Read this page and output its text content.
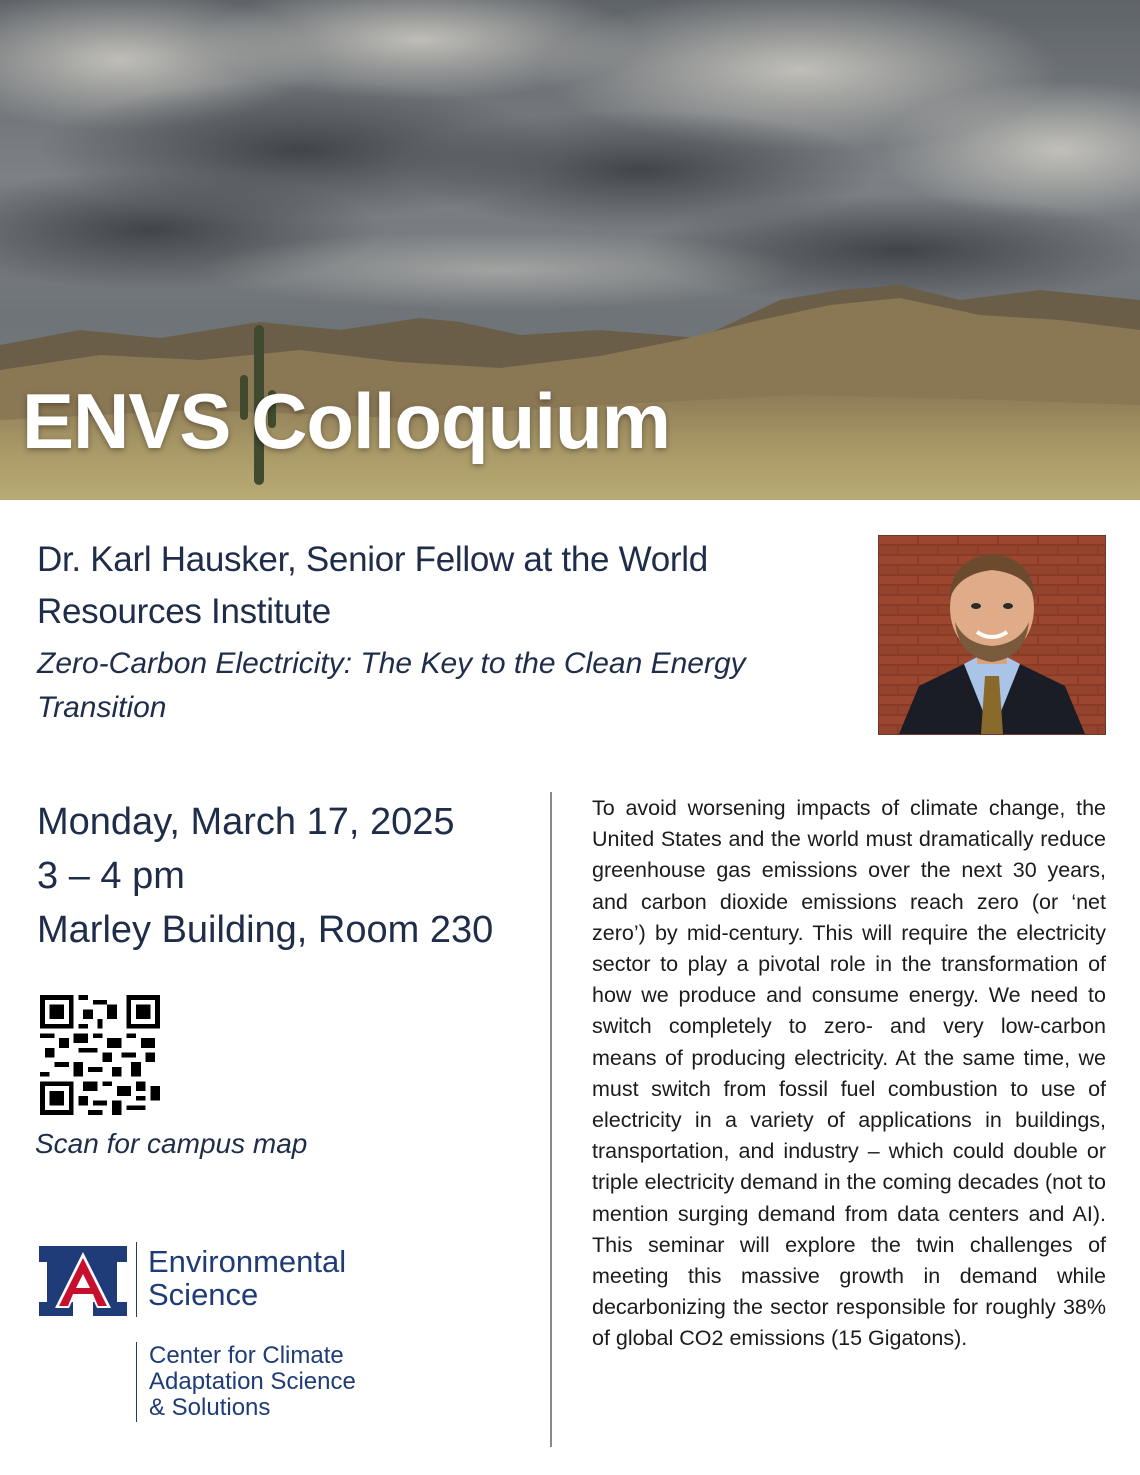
ENVS Colloquium
Dr. Karl Hausker, Senior Fellow at the World
Resources Institute
Zero-Carbon Electricity: The Key to the Clean Energy
Transition
Monday, March 17, 2025
3 – 4 pm
Marley Building, Room 230
Scan for campus map

To avoid worsening impacts of climate change, the United States and the world must dramatically reduce greenhouse gas emissions over the next 30 years, and carbon dioxide emissions reach zero (or ‘net zero’) by mid-century. This will require the electricity sector to play a pivotal role in the transformation of how we produce and consume energy. We need to switch completely to zero- and very low-carbon means of producing electricity. At the same time, we must switch from fossil fuel combustion to use of electricity in a variety of applications in buildings, transportation, and industry – which could double or triple electricity demand in the coming decades (not to mention surging demand from data centers and AI). This seminar will explore the twin challenges of meeting this massive growth in demand while decarbonizing the sector responsible for roughly 38% of global CO2 emissions (15 Gigatons).

Environmental
Science
Center for Climate
Adaptation Science
& Solutions
